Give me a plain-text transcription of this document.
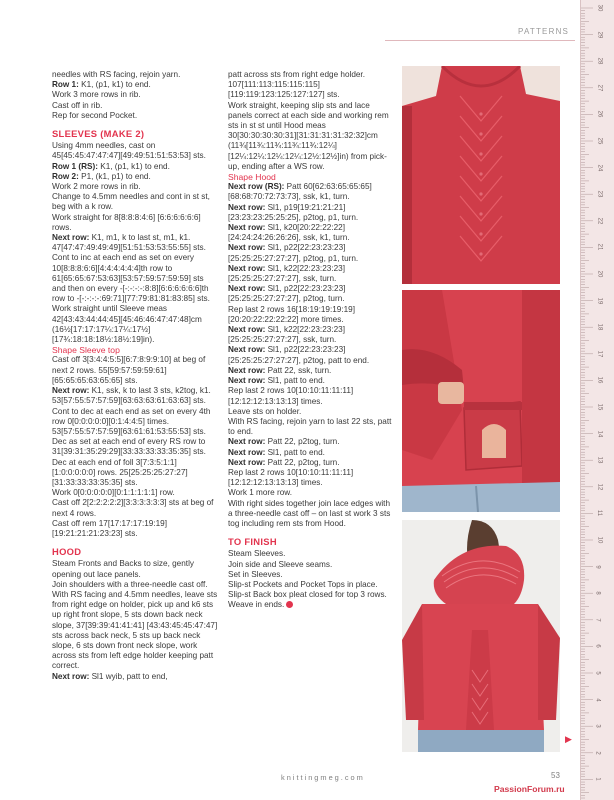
PATTERNS

needles with RS facing, rejoin yarn.

Row 1: K1, (p1, k1) to end.

Work 3 more rows in rib.

Cast off in rib.

Rep for second Pocket.

SLEEVES (MAKE 2)

Using 4mm needles, cast on 45[45:45:47:47:47][49:49:51:51:53:53] sts.

Row 1 (RS): K1, (p1, k1) to end.

Row 2: P1, (k1, p1) to end.

Work 2 more rows in rib.

Change to 4.5mm needles and cont in st st, beg with a k row.

Work straight for 8[8:8:8:4:6] [6:6:6:6:6:6] rows.

Next row: K1, m1, k to last st, m1, k1. 47[47:47:49:49:49][51:51:53:53:55:55] sts.

Cont to inc at each end as set on every 10[8:8:8:6:6][4:4:4:4:4:4]th row to 61[65:65:67:53:63][53:57:59:57:59:59] sts and then on every -[-:-:-:-:8:8][6:6:6:6:6:6]th row to -[-:-:-:-:69:71][77:79:81:81:83:85] sts.

Work straight until Sleeve meas 42[43:43:44:44:45][45:46:46:47:47:48]cm (16½[17:17:17¼:17¼:17½] [17¾:18:18:18½:18½:19]in).

Shape Sleeve top

Cast off 3[3:4:4:5:5][6:7:8:9:9:10] at beg of next 2 rows. 55[59:57:59:59:61] [65:65:65:63:65:65] sts.

Next row: K1, ssk, k to last 3 sts, k2tog, k1. 53[57:55:57:57:59][63:63:63:61:63:63] sts.

Cont to dec at each end as set on every 4th row 0[0:0:0:0:0][0:1:4:4:5] times. 53[57:55:57:57:59][63:61:61:53:55:53] sts.

Dec as set at each end of every RS row to 31[39:31:35:29:29][33:33:33:33:35:35] sts.

Dec at each end of foll 3[7:3:5:1:1] [1:0:0:0:0:0] rows. 25[25:25:25:27:27] [31:33:33:33:35:35] sts.

Work 0[0:0:0:0:0][0:1:1:1:1:1] row.

Cast off 2[2:2:2:2:2][3:3:3:3:3:3] sts at beg of next 4 rows.

Cast off rem 17[17:17:17:19:19] [19:21:21:21:23:23] sts.

HOOD

Steam Fronts and Backs to size, gently opening out lace panels.

Join shoulders with a three-needle cast off.

With RS facing and 4.5mm needles, leave sts from right edge on holder, pick up and k6 sts up right front slope, 5 sts down back neck slope, 37[39:39:41:41:41] [43:43:45:45:47:47] sts across back neck, 5 sts up back neck slope, 6 sts down front neck slope, work across sts from left edge holder keeping patt correct.

Next row: Sl1 wyib, patt to end,

patt across sts from right edge holder. 107[111:113:115:115:115] [119:119:123:125:127:127] sts.

Work straight, keeping slip sts and lace panels correct at each side and working rem sts in st st until Hood meas 30[30:30:30:30:31][31:31:31:31:32:32]cm (11¾[11¾:11¾:11¾:11¾:12¼] [12¼:12¼:12¼:12¼:12½:12½]in) from pick-up, ending after a WS row.

Shape Hood

Next row (RS): Patt 60[62:63:65:65:65] [68:68:70:72:73:73], ssk, k1, turn.

Next row: Sl1, p19[19:21:21:21] [23:23:23:25:25:25], p2tog, p1, turn.

Next row: Sl1, k20[20:22:22:22] [24:24:24:26:26:26], ssk, k1, turn.

Next row: Sl1, p22[22:23:23:23] [25:25:25:27:27:27], p2tog, p1, turn.

Next row: Sl1, k22[22:23:23:23] [25:25:25:27:27:27], ssk, turn.

Next row: Sl1, p22[22:23:23:23] [25:25:25:27:27:27], p2tog, turn.

Rep last 2 rows 16[18:19:19:19:19] [20:20:22:22:22:22] more times.

Next row: Sl1, k22[22:23:23:23] [25:25:25:27:27:27], ssk, turn.

Next row: Sl1, p22[22:23:23:23] [25:25:25:27:27:27], p2tog, patt to end.

Next row: Patt 22, ssk, turn.

Next row: Sl1, patt to end.

Rep last 2 rows 10[10:10:11:11:11] [12:12:12:13:13:13] times.

Leave sts on holder.

With RS facing, rejoin yarn to last 22 sts, patt to end.

Next row: Patt 22, p2tog, turn.

Next row: Sl1, patt to end.

Next row: Patt 22, p2tog, turn.

Rep last 2 rows 10[10:10:11:11:11] [12:12:12:13:13:13] times.

Work 1 more row.

With right sides together join lace edges with a three-needle cast off – on last st work 3 sts tog including rem sts from Hood.

TO FINISH

Steam Sleeves.

Join side and Sleeve seams.

Set in Sleeves.

Slip-st Pockets and Pocket Tops in place.

Slip-st Back box pleat closed for top 3 rows.

Weave in ends.

30
29
28
27
26
25
24
23
22
21
20
19
18
17
16
15
14
13
12
11
10
9
8
7
6
5
4
3
2
1
▶
knittingmeg.com	53
PassionForum.ru
